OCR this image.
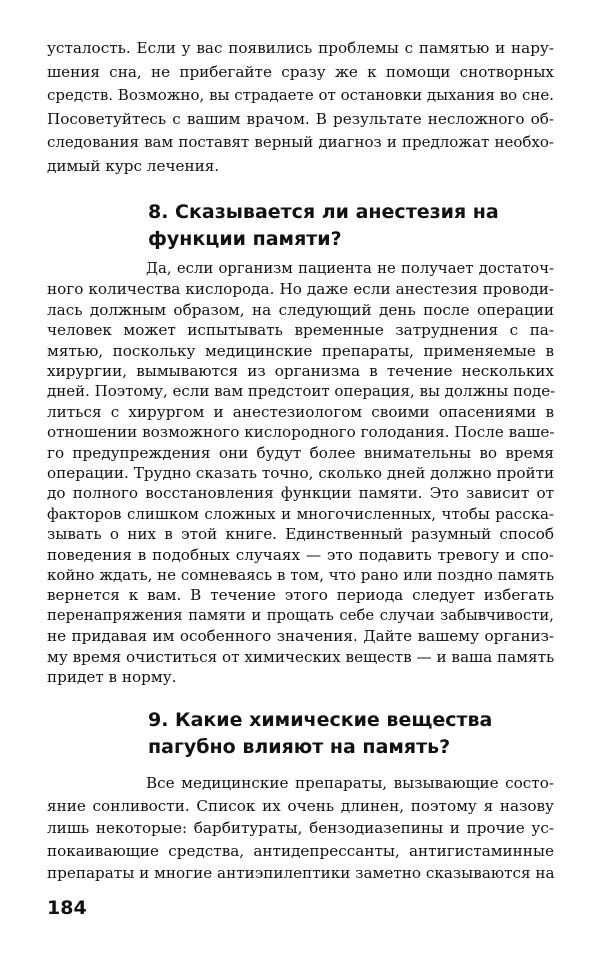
усталость. Если у вас появились проблемы с памятью и нару-
шения сна, не прибегайте сразу же к помощи снотворных
средств. Возможно, вы страдаете от остановки дыхания во сне.
Посоветуйтесь с вашим врачом. В результате несложного об-
следования вам поставят верный диагноз и предложат необхо-
димый курс лечения.
8. Сказывается ли анестезия на
функции памяти?
Да, если организм пациента не получает достаточ-
ного количества кислорода. Но даже если анестезия проводи-
лась должным образом, на следующий день после операции
человек может испытывать временные затруднения с па-
мятью, поскольку медицинские препараты, применяемые в
хирургии, вымываются из организма в течение нескольких
дней. Поэтому, если вам предстоит операция, вы должны поде-
литься с хирургом и анестезиологом своими опасениями в
отношении возможного кислородного голодания. После ваше-
го предупреждения они будут более внимательны во время
операции. Трудно сказать точно, сколько дней должно пройти
до полного восстановления функции памяти. Это зависит от
факторов слишком сложных и многочисленных, чтобы расска-
зывать о них в этой книге. Единственный разумный способ
поведения в подобных случаях — это подавить тревогу и спо-
койно ждать, не сомневаясь в том, что рано или поздно память
вернется к вам. В течение этого периода следует избегать
перенапряжения памяти и прощать себе случаи забывчивости,
не придавая им особенного значения. Дайте вашему организ-
му время очиститься от химических веществ — и ваша память
придет в норму.
9. Какие химические вещества
пагубно влияют на память?
Все медицинские препараты, вызывающие состо-
яние сонливости. Список их очень длинен, поэтому я назову
лишь некоторые: барбитураты, бензодиазепины и прочие ус-
покаивающие средства, антидепрессанты, антигистаминные
препараты и многие антиэпилептики заметно сказываются на
184
